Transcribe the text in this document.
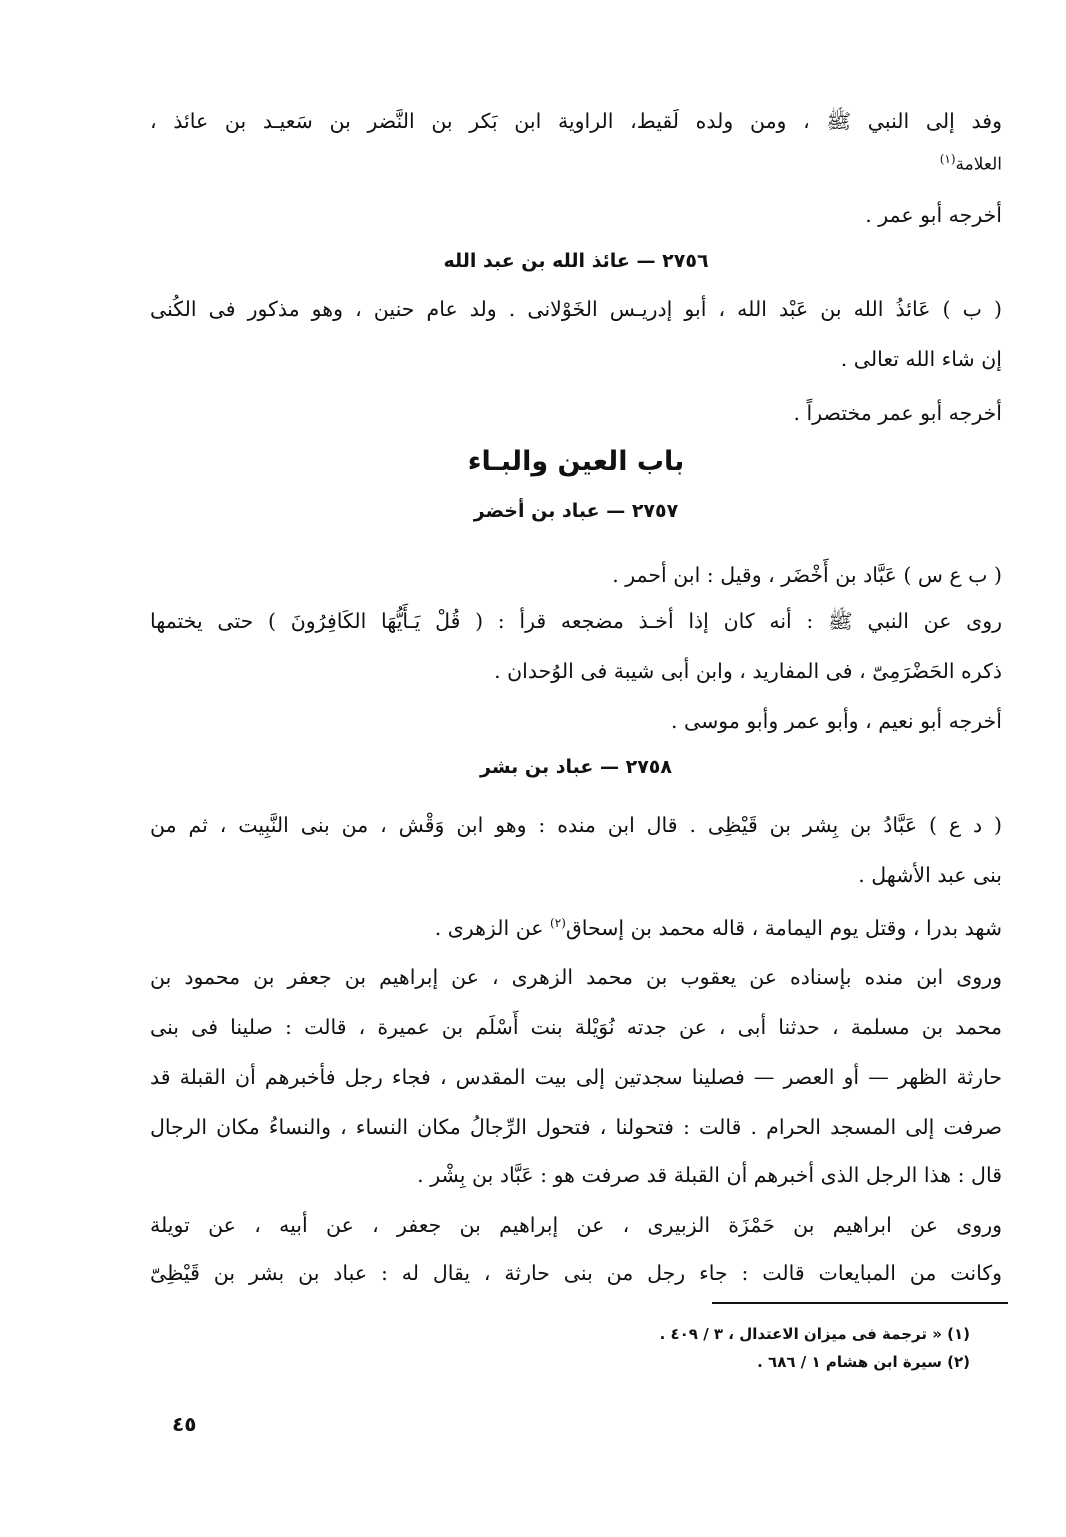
وفد إلى النبي ﷺ ، ومن ولده لَقيط، الراوية ابن بَكر بن النَّضر بن سَعيـد بن عائذ ،
العلامة$^{(١)}$
أخرجه أبو عمر .
٢٧٥٦ — عائذ الله بن عبد الله
( ب ) عَائذُ الله بن عَبْد الله ، أبو إدريـس الخَوْلانى . ولد عام حنين ، وهو مذكور فى الكُنى
إن شاء الله تعالى .
أخرجه أبو عمر مختصراً .
باب العين والبـاء
٢٧٥٧ — عباد بن أخضر
( ب ع س ) عَبَّاد بن أَخْضَر ، وقيل : ابن أحمر .
روى عن النبي ﷺ : أنه كان إذا أخـذ مضجعه قرأ : ( قُلْ يَـأَيُّهَا الكَافِرُونَ ) حتى يختمها
ذكره الحَضْرَمِىّ ، فى المفاريد ، وابن أبى شيبة فى الوُحدان .
أخرجه أبو نعيم ، وأبو عمر وأبو موسى .
٢٧٥٨ — عباد بن بشر
( د ع ) عَبَّادُ بن بِشر بن قَيْظِى . قال ابن منده : وهو ابن وَقْش ، من بنى النَّبِيت ، ثم من
بنى عبد الأشهل .
شهد بدرا ، وقتل يوم اليمامة ، قاله محمد بن إسحاق$^{(٢)}$ عن الزهرى .
وروى ابن منده بإسناده عن يعقوب بن محمد الزهرى ، عن إبراهيم بن جعفر بن محمود بن
محمد بن مسلمة ، حدثنا أبى ، عن جدته نُوَيْلة بنت أَسْلَم بن عميرة ، قالت : صلينا فى بنى
حارثة الظهر — أو العصر — فصلينا سجدتين إلى بيت المقدس ، فجاء رجل فأخبرهم أن القبلة قد
صرفت إلى المسجد الحرام . قالت : فتحولنا ، فتحول الرِّجالُ مكان النساء ، والنساءُ مكان الرجال
قال : هذا الرجل الذى أخبرهم أن القبلة قد صرفت هو : عَبَّاد بن بِشْر .
وروى عن ابراهيم بن حَمْزَة الزبيرى ، عن إبراهيم بن جعفر ، عن أبيه ، عن تويلة
وكانت من المبايعات قالت : جاء رجل من بنى حارثة ، يقال له : عباد بن بشر بن قَيْظِىّ
(١) « ترجمة فى ميزان الاعتدال ، ٣ / ٤٠٩ .
(٢) سيرة ابن هشام ١ / ٦٨٦ .
٤٥
